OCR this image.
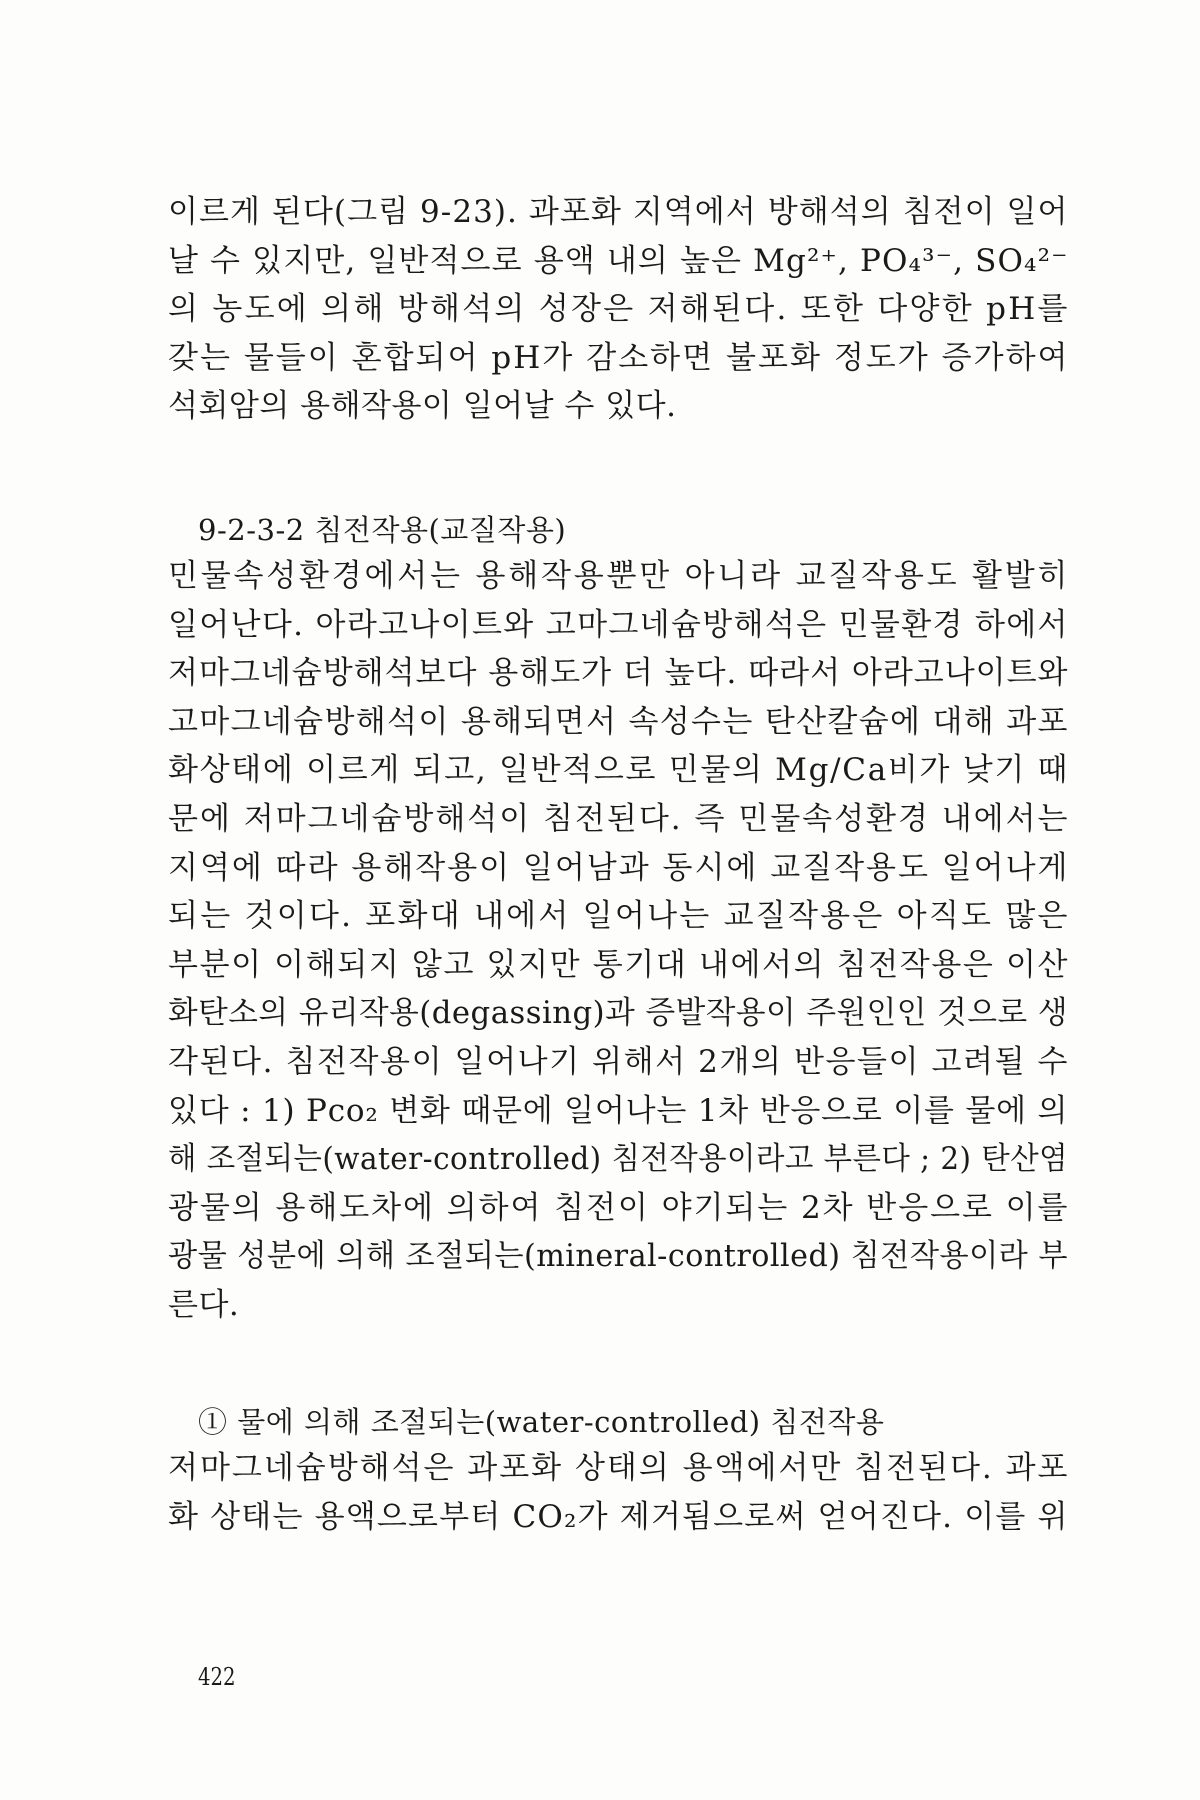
이르게 된다(그림 9-23). 과포화 지역에서 방해석의 침전이 일어
날 수 있지만, 일반적으로 용액 내의 높은 Mg²⁺, PO₄³⁻, SO₄²⁻
의 농도에 의해 방해석의 성장은 저해된다. 또한 다양한 pH를
갖는 물들이 혼합되어 pH가 감소하면 불포화 정도가 증가하여
석회암의 용해작용이 일어날 수 있다.
9-2-3-2 침전작용(교질작용)
민물속성환경에서는 용해작용뿐만 아니라 교질작용도 활발히
일어난다. 아라고나이트와 고마그네슘방해석은 민물환경 하에서
저마그네슘방해석보다 용해도가 더 높다. 따라서 아라고나이트와
고마그네슘방해석이 용해되면서 속성수는 탄산칼슘에 대해 과포
화상태에 이르게 되고, 일반적으로 민물의 Mg/Ca비가 낮기 때
문에 저마그네슘방해석이 침전된다. 즉 민물속성환경 내에서는
지역에 따라 용해작용이 일어남과 동시에 교질작용도 일어나게
되는 것이다. 포화대 내에서 일어나는 교질작용은 아직도 많은
부분이 이해되지 않고 있지만 통기대 내에서의 침전작용은 이산
화탄소의 유리작용(degassing)과 증발작용이 주원인인 것으로 생
각된다. 침전작용이 일어나기 위해서 2개의 반응들이 고려될 수
있다 : 1) Pco₂ 변화 때문에 일어나는 1차 반응으로 이를 물에 의
해 조절되는(water-controlled) 침전작용이라고 부른다 ; 2) 탄산염
광물의 용해도차에 의하여 침전이 야기되는 2차 반응으로 이를
광물 성분에 의해 조절되는(mineral-controlled) 침전작용이라 부
른다.
① 물에 의해 조절되는(water-controlled) 침전작용
저마그네슘방해석은 과포화 상태의 용액에서만 침전된다. 과포
화 상태는 용액으로부터 CO₂가 제거됨으로써 얻어진다. 이를 위
422
